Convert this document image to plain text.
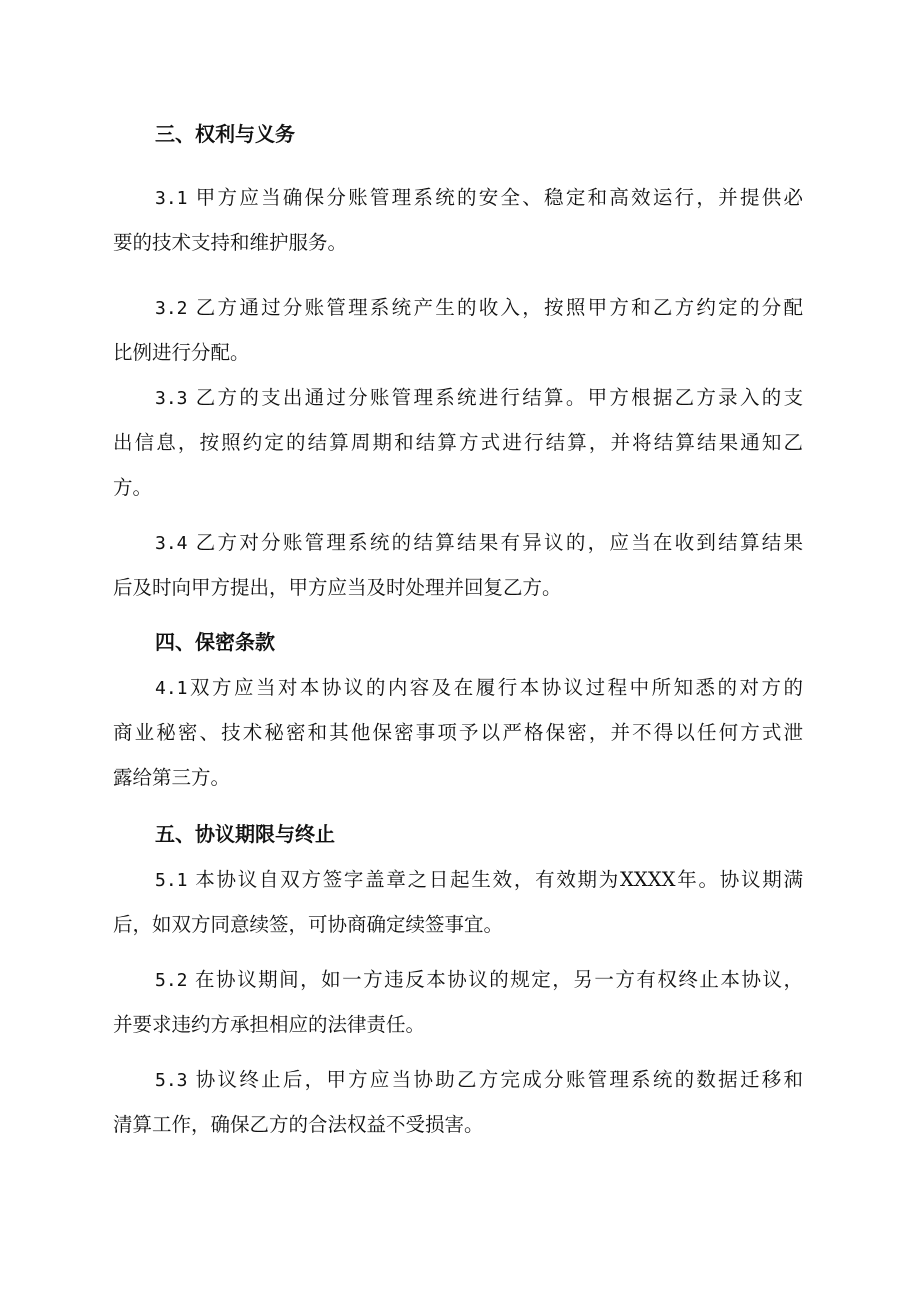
三、权利与义务
3.1 甲方应当确保分账管理系统的安全、稳定和高效运行，并提供必
要的技术支持和维护服务。
3.2 乙方通过分账管理系统产生的收入，按照甲方和乙方约定的分配
比例进行分配。
3.3 乙方的支出通过分账管理系统进行结算。甲方根据乙方录入的支
出信息，按照约定的结算周期和结算方式进行结算，并将结算结果通知乙
方。
3.4 乙方对分账管理系统的结算结果有异议的，应当在收到结算结果
后及时向甲方提出，甲方应当及时处理并回复乙方。
四、保密条款
4.1双方应当对本协议的内容及在履行本协议过程中所知悉的对方的
商业秘密、技术秘密和其他保密事项予以严格保密，并不得以任何方式泄
露给第三方。
五、协议期限与终止
5.1 本协议自双方签字盖章之日起生效，有效期为XXXX年。协议期满
后，如双方同意续签，可协商确定续签事宜。
5.2 在协议期间，如一方违反本协议的规定，另一方有权终止本协议，
并要求违约方承担相应的法律责任。
5.3 协议终止后，甲方应当协助乙方完成分账管理系统的数据迁移和
清算工作，确保乙方的合法权益不受损害。
